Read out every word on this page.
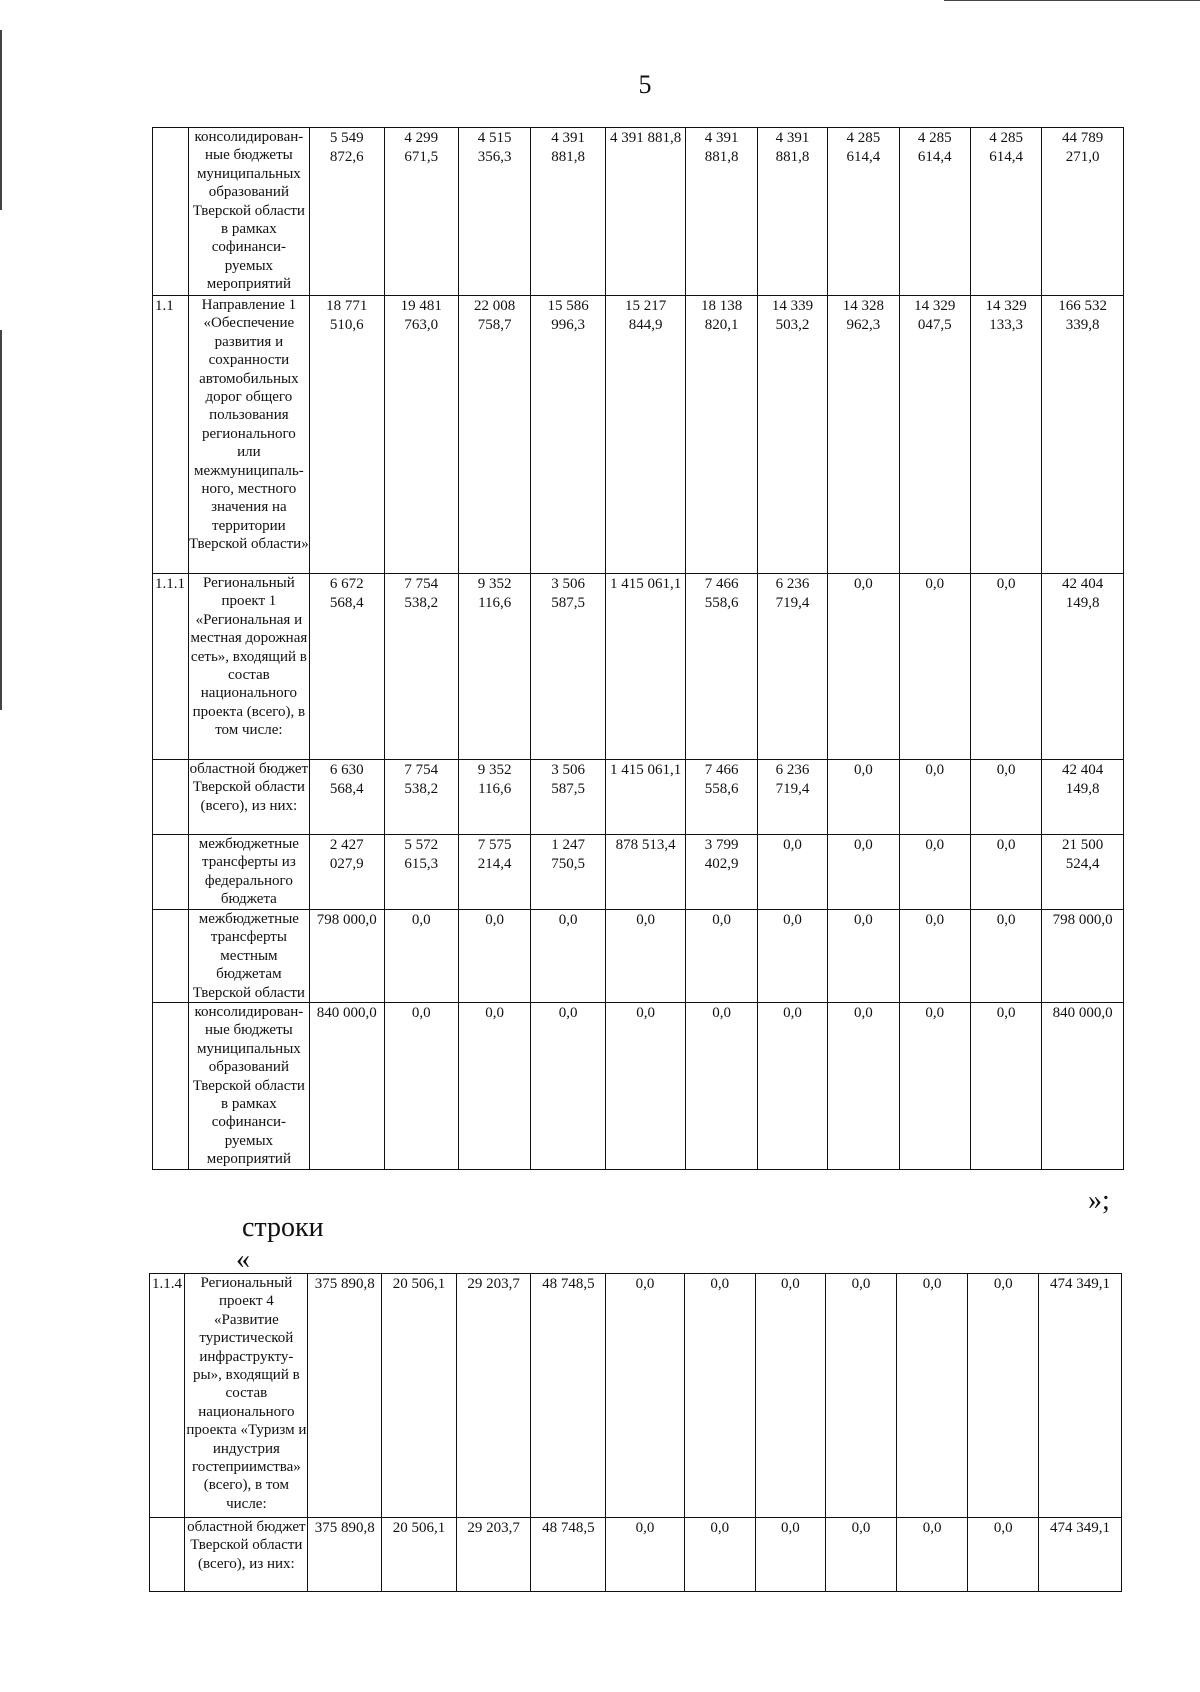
5
	консолидирован-ные бюджеты муниципальных образований Тверской области в рамках софинанси-руемых мероприятий	5 549 872,6	4 299 671,5	4 515 356,3	4 391 881,8	4 391 881,8	4 391 881,8	4 391 881,8	4 285 614,4	4 285 614,4	4 285 614,4	44 789 271,0
1.1	Направление 1 «Обеспечение развития и сохранности автомобильных дорог общего пользования регионального или межмуниципаль-ного, местного значения на территории Тверской области»	18 771 510,6	19 481 763,0	22 008 758,7	15 586 996,3	15 217 844,9	18 138 820,1	14 339 503,2	14 328 962,3	14 329 047,5	14 329 133,3	166 532 339,8
1.1.1	Региональный проект 1 «Региональная и местная дорожная сеть», входящий в состав национального проекта (всего), в том числе:	6 672 568,4	7 754 538,2	9 352 116,6	3 506 587,5	1 415 061,1	7 466 558,6	6 236 719,4	0,0	0,0	0,0	42 404 149,8
	областной бюджет Тверской области (всего), из них:	6 630 568,4	7 754 538,2	9 352 116,6	3 506 587,5	1 415 061,1	7 466 558,6	6 236 719,4	0,0	0,0	0,0	42 404 149,8
	межбюджетные трансферты из федерального бюджета	2 427 027,9	5 572 615,3	7 575 214,4	1 247 750,5	878 513,4	3 799 402,9	0,0	0,0	0,0	0,0	21 500 524,4
	межбюджетные трансферты местным бюджетам Тверской области	798 000,0	0,0	0,0	0,0	0,0	0,0	0,0	0,0	0,0	0,0	798 000,0
	консолидирован-ные бюджеты муниципальных образований Тверской области в рамках софинанси-руемых мероприятий	840 000,0	0,0	0,0	0,0	0,0	0,0	0,0	0,0	0,0	0,0	840 000,0
»;
строки
«
1.1.4	Региональный проект 4 «Развитие туристической инфраструкту-ры», входящий в состав национального проекта «Туризм и индустрия гостеприимства» (всего), в том числе:	375 890,8	20 506,1	29 203,7	48 748,5	0,0	0,0	0,0	0,0	0,0	0,0	474 349,1
	областной бюджет Тверской области (всего), из них:	375 890,8	20 506,1	29 203,7	48 748,5	0,0	0,0	0,0	0,0	0,0	0,0	474 349,1
